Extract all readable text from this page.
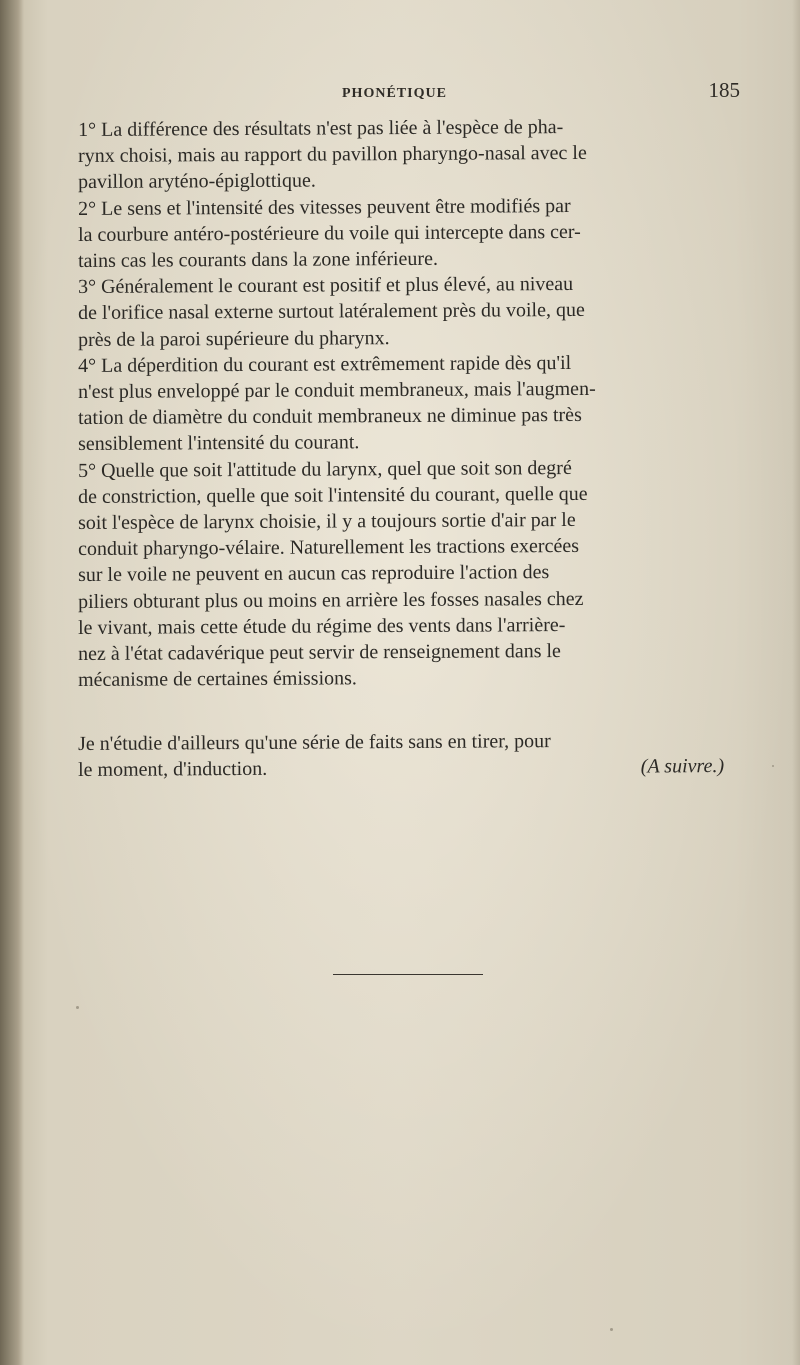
PHONÉTIQUE	185

1° La différence des résultats n'est pas liée à l'espèce de pha-

rynx choisi, mais au rapport du pavillon pharyngo-nasal avec le

pavillon aryténo-épiglottique.

2° Le sens et l'intensité des vitesses peuvent être modifiés par

la courbure antéro-postérieure du voile qui intercepte dans cer-

tains cas les courants dans la zone inférieure.

3° Généralement le courant est positif et plus élevé, au niveau

de l'orifice nasal externe surtout latéralement près du voile, que

près de la paroi supérieure du pharynx.

4° La déperdition du courant est extrêmement rapide dès qu'il

n'est plus enveloppé par le conduit membraneux, mais l'augmen-

tation de diamètre du conduit membraneux ne diminue pas très

sensiblement l'intensité du courant.

5° Quelle que soit l'attitude du larynx, quel que soit son degré

de constriction, quelle que soit l'intensité du courant, quelle que

soit l'espèce de larynx choisie, il y a toujours sortie d'air par le

conduit pharyngo-vélaire. Naturellement les tractions exercées

sur le voile ne peuvent en aucun cas reproduire l'action des

piliers obturant plus ou moins en arrière les fosses nasales chez

le vivant, mais cette étude du régime des vents dans l'arrière-

nez à l'état cadavérique peut servir de renseignement dans le

mécanisme de certaines émissions.

Je n'étudie d'ailleurs qu'une série de faits sans en tirer, pour

le moment, d'induction.	(A suivre.)
